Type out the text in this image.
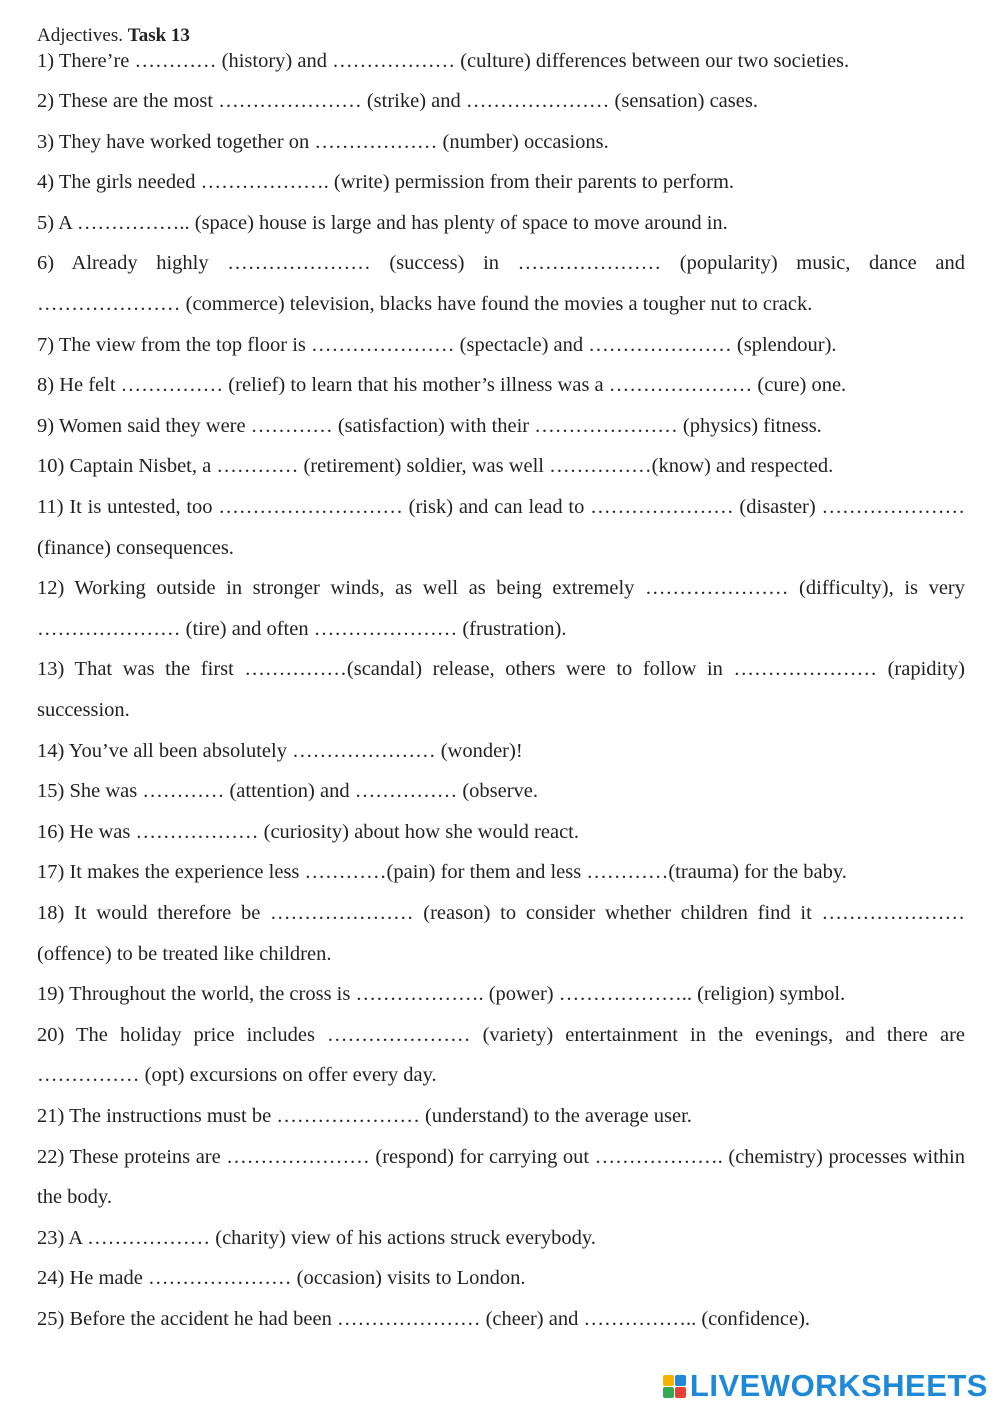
Adjectives. Task 13
1) There’re ………… (history) and ……………… (culture) differences between our two societies.
2) These are the most ………………… (strike) and ………………… (sensation) cases.
3) They have worked together on ……………… (number) occasions.
4) The girls needed ………………. (write) permission from their parents to perform.
5) A …………….. (space) house is large and has plenty of space to move around in.
6) Already highly ………………… (success) in ………………… (popularity) music, dance and ………………… (commerce) television, blacks have found the movies a tougher nut to crack.
7) The view from the top floor is ………………… (spectacle) and ………………… (splendour).
8) He felt …………… (relief) to learn that his mother’s illness was a ………………… (cure) one.
9) Women said they were ………… (satisfaction) with their ………………… (physics) fitness.
10) Captain Nisbet, a ………… (retirement) soldier, was well ……………(know) and respected.
11) It is untested, too ……………………… (risk) and can lead to ………………… (disaster) ………………… (finance) consequences.
12) Working outside in stronger winds, as well as being extremely ………………… (difficulty), is very ………………… (tire) and often ………………… (frustration).
13) That was the first ……………(scandal) release, others were to follow in ………………… (rapidity) succession.
14) You’ve all been absolutely ………………… (wonder)!
15) She was ………… (attention) and …………… (observe.
16) He was ……………… (curiosity) about how she would react.
17) It makes the experience less …………(pain) for them and less …………(trauma) for the baby.
18) It would therefore be ………………… (reason) to consider whether children find it ………………… (offence) to be treated like children.
19) Throughout the world, the cross is ………………. (power) ……………….. (religion) symbol.
20) The holiday price includes ………………… (variety) entertainment in the evenings, and there are …………… (opt) excursions on offer every day.
21) The instructions must be ………………… (understand) to the average user.
22) These proteins are ………………… (respond) for carrying out ………………. (chemistry) processes within the body.
23) A ……………… (charity) view of his actions struck everybody.
24) He made ………………… (occasion) visits to London.
25) Before the accident he had been ………………… (cheer) and …………….. (confidence).
LIVEWORKSHEETS
